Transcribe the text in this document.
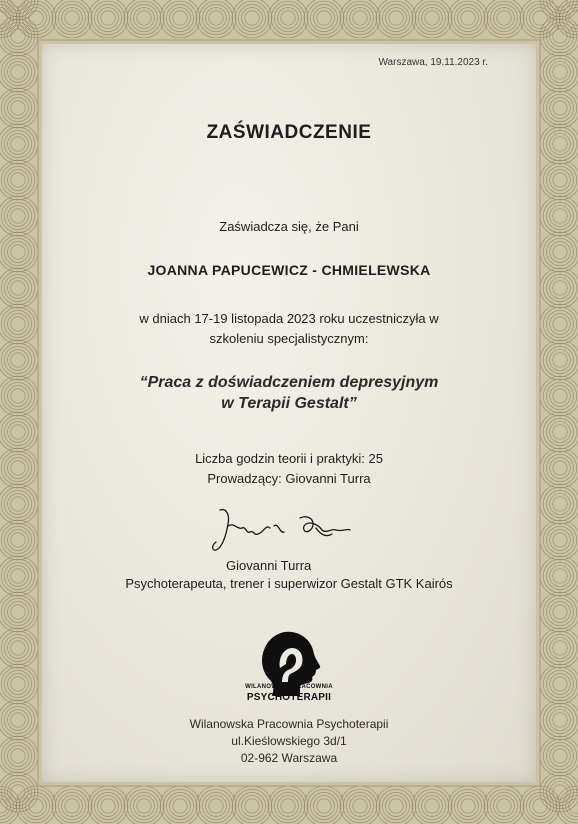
Warszawa, 19.11.2023 r.
ZAŚWIADCZENIE
Zaświadcza się, że Pani
JOANNA PAPUCEWICZ - CHMIELEWSKA
w dniach 17-19 listopada 2023 roku uczestniczyła w
szkoleniu specjalistycznym:
“Praca z doświadczeniem depresyjnym
w Terapii Gestalt”
Liczba godzin teorii i praktyki: 25
Prowadzący: Giovanni Turra
Giovanni Turra
Psychoterapeuta, trener i superwizor Gestalt GTK Kairós
WILANOWSKA PRACOWNIA
PSYCHOTERAPII
Wilanowska Pracownia Psychoterapii
ul.Kieślowskiego 3d/1
02-962 Warszawa
